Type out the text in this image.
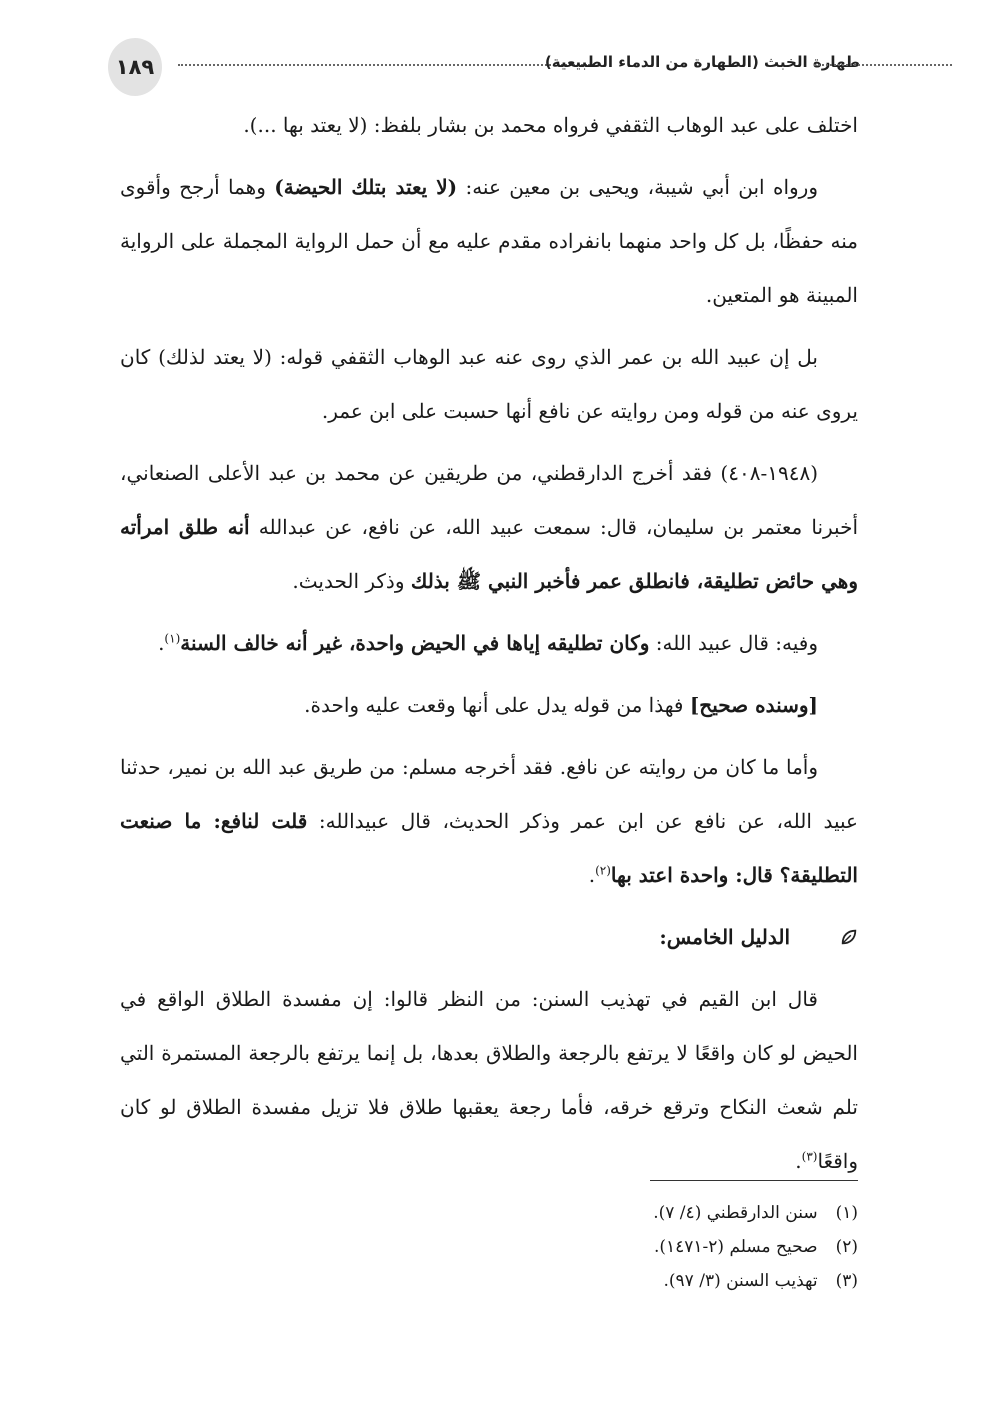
١٨٩	طهارة الخبث (الطهارة من الدماء الطبيعية)

اختلف على عبد الوهاب الثقفي فرواه محمد بن بشار بلفظ: (لا يعتد بها ...).

ورواه ابن أبي شيبة، ويحيى بن معين عنه: (لا يعتد بتلك الحيضة) وهما أرجح وأقوى منه حفظًا، بل كل واحد منهما بانفراده مقدم عليه مع أن حمل الرواية المجملة على الرواية المبينة هو المتعين.

بل إن عبيد الله بن عمر الذي روى عنه عبد الوهاب الثقفي قوله: (لا يعتد لذلك) كان يروى عنه من قوله ومن روايته عن نافع أنها حسبت على ابن عمر.

(١٩٤٨-٤٠٨) فقد أخرج الدارقطني، من طريقين عن محمد بن عبد الأعلى الصنعاني، أخبرنا معتمر بن سليمان، قال: سمعت عبيد الله، عن نافع، عن عبدالله أنه طلق امرأته وهي حائض تطليقة، فانطلق عمر فأخبر النبي ﷺ بذلك وذكر الحديث.

وفيه: قال عبيد الله: وكان تطليقه إياها في الحيض واحدة، غير أنه خالف السنة$^{(١)}$.

[وسنده صحيح] فهذا من قوله يدل على أنها وقعت عليه واحدة.

وأما ما كان من روايته عن نافع. فقد أخرجه مسلم: من طريق عبد الله بن نمير، حدثنا عبيد الله، عن نافع عن ابن عمر وذكر الحديث، قال عبيدالله: قلت لنافع: ما صنعت التطليقة؟ قال: واحدة اعتد بها$^{(٢)}$.

الدليل الخامس:

قال ابن القيم في تهذيب السنن: من النظر قالوا: إن مفسدة الطلاق الواقع في الحيض لو كان واقعًا لا يرتفع بالرجعة والطلاق بعدها، بل إنما يرتفع بالرجعة المستمرة التي تلم شعث النكاح وترقع خرقه، فأما رجعة يعقبها طلاق فلا تزيل مفسدة الطلاق لو كان واقعًا$^{(٣)}$.

(١)
سنن الدارقطني (٤/ ٧).
(٢)
صحيح مسلم (٢-١٤٧١).
(٣)
تهذيب السنن (٣/ ٩٧).
